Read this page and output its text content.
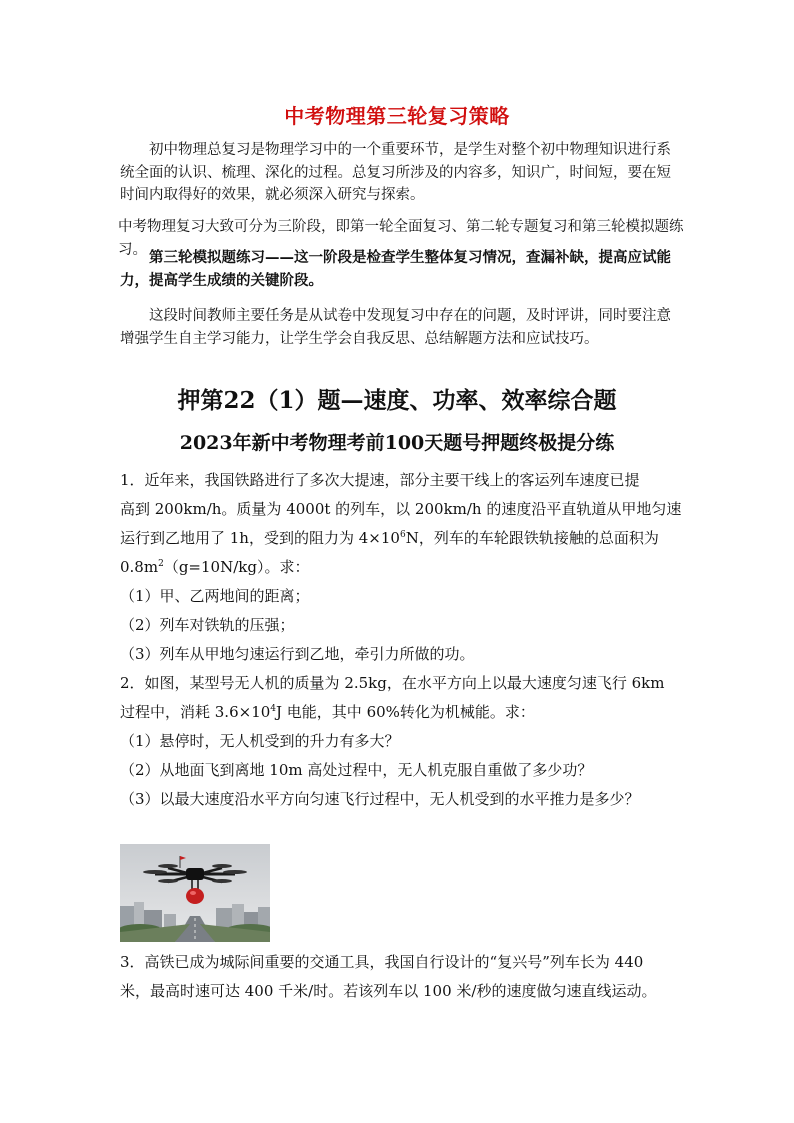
中考物理第三轮复习策略
初中物理总复习是物理学习中的一个重要环节，是学生对整个初中物理知识进行系统全面的认识、梳理、深化的过程。总复习所涉及的内容多，知识广，时间短，要在短时间内取得好的效果，就必须深入研究与探索。
中考物理复习大致可分为三阶段，即第一轮全面复习、第二轮专题复习和第三轮模拟题练习。
第三轮模拟题练习——这一阶段是检查学生整体复习情况，查漏补缺，提高应试能力，提高学生成绩的关键阶段。
这段时间教师主要任务是从试卷中发现复习中存在的问题，及时评讲，同时要注意增强学生自主学习能力，让学生学会自我反思、总结解题方法和应试技巧。
押第22（1）题—速度、功率、效率综合题
2023年新中考物理考前100天题号押题终极提分练
1．近年来，我国铁路进行了多次大提速，部分主要干线上的客运列车速度已提
高到 200km/h。质量为 4000t 的列车，以 200km/h 的速度沿平直轨道从甲地匀速
运行到乙地用了 1h，受到的阻力为 $4\times 10^6N$，列车的车轮跟铁轨接触的总面积为
$0.8m^2(g=10N/kg)$。求：
（1）甲、乙两地间的距离；
（2）列车对铁轨的压强；
（3）列车从甲地匀速运行到乙地，牵引力所做的功。
2．如图，某型号无人机的质量为 2.5kg，在水平方向上以最大速度匀速飞行 6km
过程中，消耗 $3.6\times 10^4J$ 电能，其中 60%转化为机械能。求：
（1）悬停时，无人机受到的升力有多大？
（2）从地面飞到离地 10m 高处过程中，无人机克服自重做了多少功？
（3）以最大速度沿水平方向匀速飞行过程中，无人机受到的水平推力是多少？
3．高铁已成为城际间重要的交通工具，我国自行设计的“复兴号”列车长为 440
米，最高时速可达 400 千米/时。若该列车以 100 米/秒的速度做匀速直线运动。
